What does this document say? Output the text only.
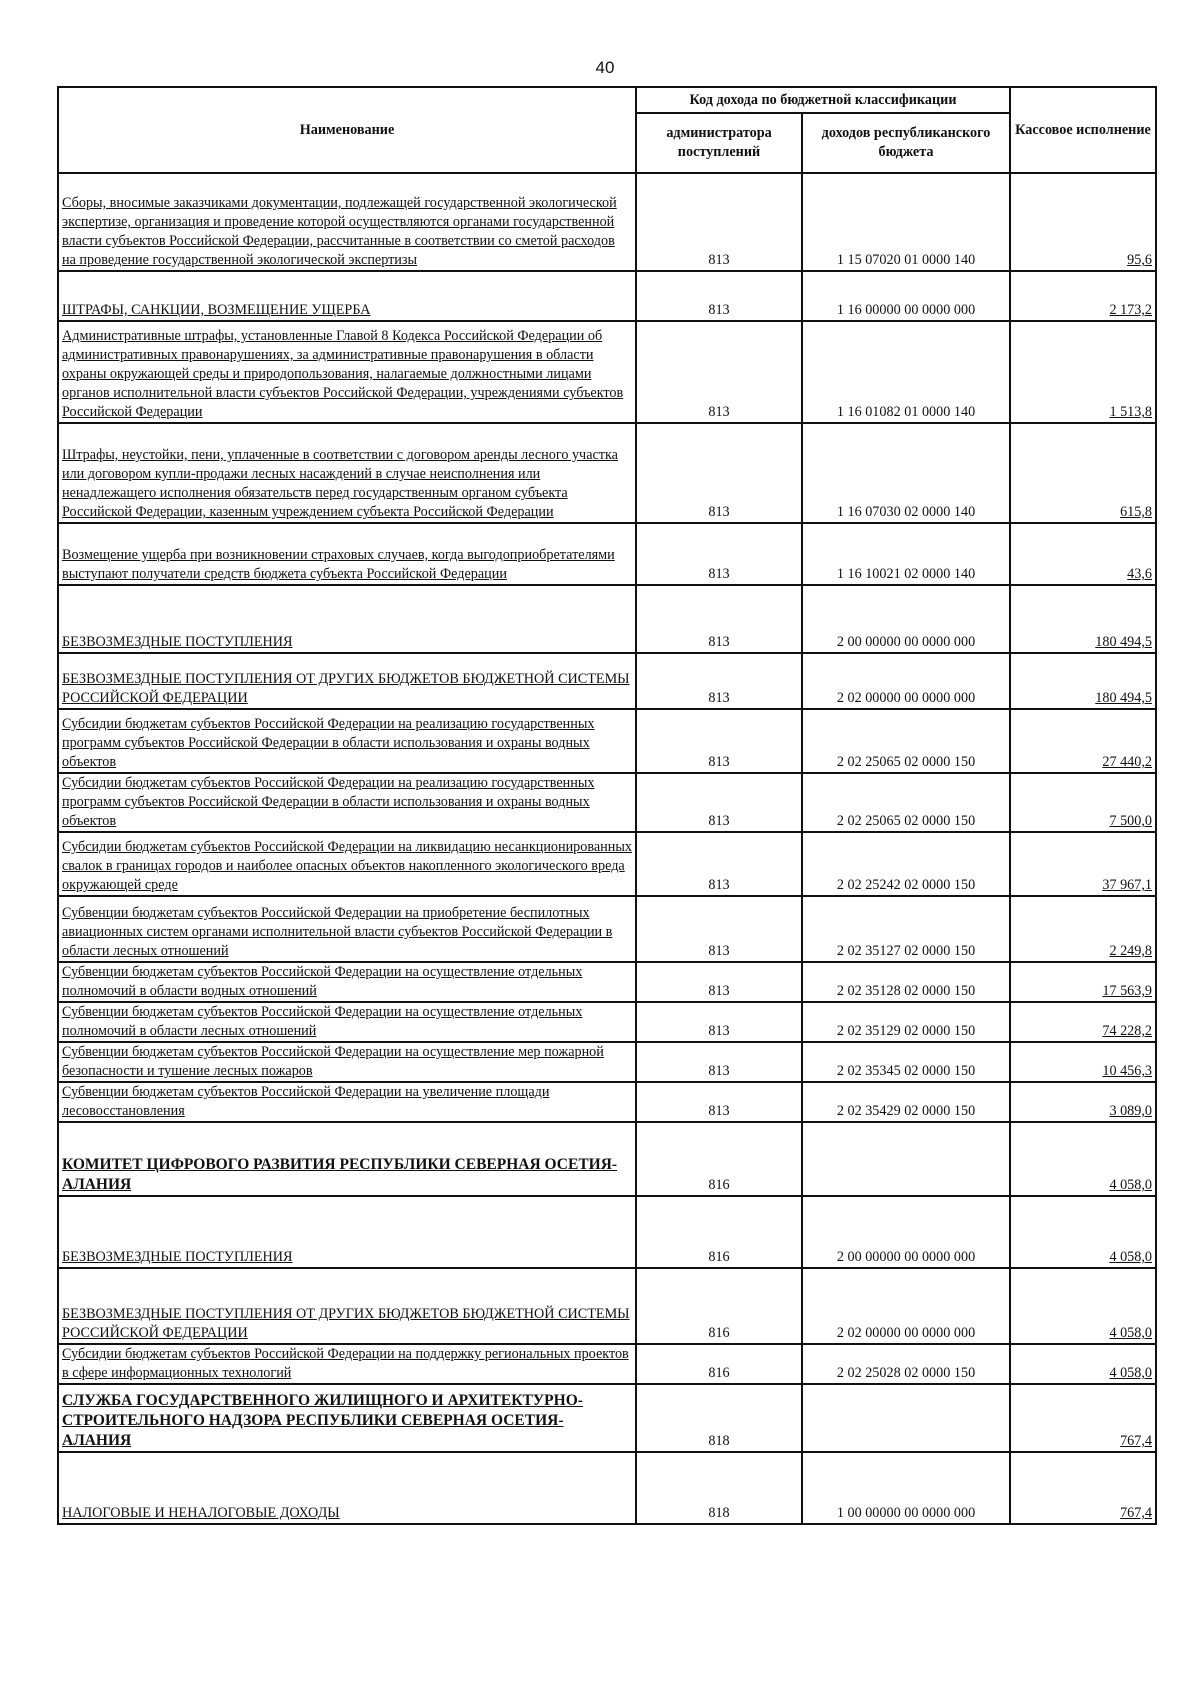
40
Наименование	Код дохода по бюджетной классификации		Кассовое исполнение
	администратора поступлений	доходов республиканского бюджета	
Сборы, вносимые заказчиками документации, подлежащей государственной экологической экспертизе, организация и проведение которой осуществляются органами государственной власти субъектов Российской Федерации, рассчитанные в соответствии со сметой расходов на проведение государственной экологической экспертизы	813	1 15 07020 01 0000 140	95,6
ШТРАФЫ, САНКЦИИ, ВОЗМЕЩЕНИЕ УЩЕРБА	813	1 16 00000 00 0000 000	2 173,2
Административные штрафы, установленные Главой 8 Кодекса Российской Федерации об административных правонарушениях, за административные правонарушения в области охраны окружающей среды и природопользования, налагаемые должностными лицами органов исполнительной власти субъектов Российской Федерации, учреждениями субъектов Российской Федерации	813	1 16 01082 01 0000 140	1 513,8
Штрафы, неустойки, пени, уплаченные в соответствии с договором аренды лесного участка или договором купли-продажи лесных насаждений в случае неисполнения или ненадлежащего исполнения обязательств перед государственным органом субъекта Российской Федерации, казенным учреждением субъекта Российской Федерации	813	1 16 07030 02 0000 140	615,8
Возмещение ущерба при возникновении страховых случаев, когда выгодоприобретателями выступают получатели средств бюджета субъекта Российской Федерации	813	1 16 10021 02 0000 140	43,6
БЕЗВОЗМЕЗДНЫЕ ПОСТУПЛЕНИЯ	813	2 00 00000 00 0000 000	180 494,5
БЕЗВОЗМЕЗДНЫЕ ПОСТУПЛЕНИЯ ОТ ДРУГИХ БЮДЖЕТОВ БЮДЖЕТНОЙ СИСТЕМЫ РОССИЙСКОЙ ФЕДЕРАЦИИ	813	2 02 00000 00 0000 000	180 494,5
Субсидии бюджетам субъектов Российской Федерации на реализацию государственных программ субъектов Российской Федерации в области использования и охраны водных объектов	813	2 02 25065 02 0000 150	27 440,2
Субсидии бюджетам субъектов Российской Федерации на реализацию государственных программ субъектов Российской Федерации в области использования и охраны водных объектов	813	2 02 25065 02 0000 150	7 500,0
Субсидии бюджетам субъектов Российской Федерации на ликвидацию несанкционированных свалок в границах городов и наиболее опасных объектов накопленного экологического вреда окружающей среде	813	2 02 25242 02 0000 150	37 967,1
Субвенции бюджетам субъектов Российской Федерации на приобретение беспилотных авиационных систем органами исполнительной власти субъектов Российской Федерации в области лесных отношений	813	2 02 35127 02 0000 150	2 249,8
Субвенции бюджетам субъектов Российской Федерации на осуществление отдельных полномочий в области водных отношений	813	2 02 35128 02 0000 150	17 563,9
Субвенции бюджетам субъектов Российской Федерации на осуществление отдельных полномочий в области лесных отношений	813	2 02 35129 02 0000 150	74 228,2
Субвенции бюджетам субъектов Российской Федерации на осуществление мер пожарной безопасности и тушение лесных пожаров	813	2 02 35345 02 0000 150	10 456,3
Субвенции бюджетам субъектов Российской Федерации на увеличение площади лесовосстановления	813	2 02 35429 02 0000 150	3 089,0
КОМИТЕТ ЦИФРОВОГО РАЗВИТИЯ РЕСПУБЛИКИ СЕВЕРНАЯ ОСЕТИЯ-АЛАНИЯ	816		4 058,0
БЕЗВОЗМЕЗДНЫЕ ПОСТУПЛЕНИЯ	816	2 00 00000 00 0000 000	4 058,0
БЕЗВОЗМЕЗДНЫЕ ПОСТУПЛЕНИЯ ОТ ДРУГИХ БЮДЖЕТОВ БЮДЖЕТНОЙ СИСТЕМЫ РОССИЙСКОЙ ФЕДЕРАЦИИ	816	2 02 00000 00 0000 000	4 058,0
Субсидии бюджетам субъектов Российской Федерации на поддержку региональных проектов в сфере информационных технологий	816	2 02 25028 02 0000 150	4 058,0
СЛУЖБА ГОСУДАРСТВЕННОГО ЖИЛИЩНОГО И АРХИТЕКТУРНО-СТРОИТЕЛЬНОГО НАДЗОРА РЕСПУБЛИКИ СЕВЕРНАЯ ОСЕТИЯ-АЛАНИЯ	818		767,4
НАЛОГОВЫЕ И НЕНАЛОГОВЫЕ ДОХОДЫ	818	1 00 00000 00 0000 000	767,4
